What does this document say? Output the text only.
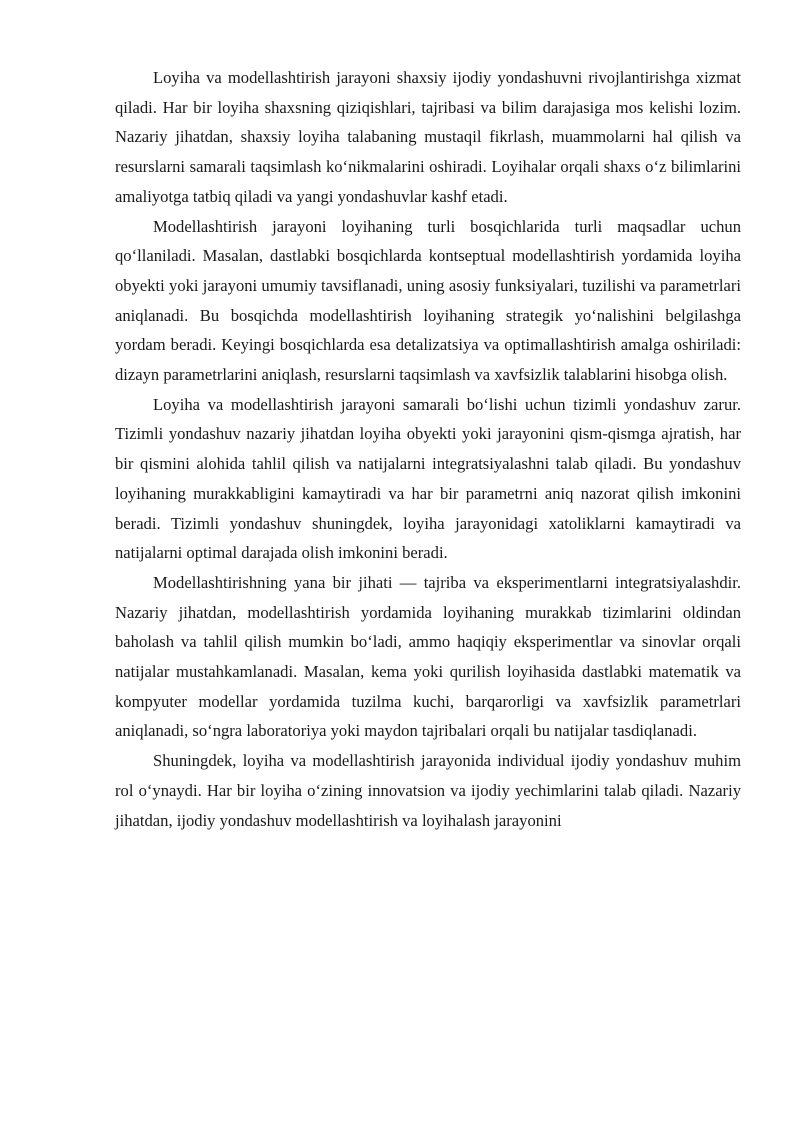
Loyiha va modellashtirish jarayoni shaxsiy ijodiy yondashuvni rivojlantirishga xizmat qiladi. Har bir loyiha shaxsning qiziqishlari, tajribasi va bilim darajasiga mos kelishi lozim. Nazariy jihatdan, shaxsiy loyiha talabaning mustaqil fikrlash, muammolarni hal qilish va resurslarni samarali taqsimlash koʻnikmalarini oshiradi. Loyihalar orqali shaxs oʻz bilimlarini amaliyotga tatbiq qiladi va yangi yondashuvlar kashf etadi.

Modellashtirish jarayoni loyihaning turli bosqichlarida turli maqsadlar uchun qoʻllaniladi. Masalan, dastlabki bosqichlarda kontseptual modellashtirish yordamida loyiha obyekti yoki jarayoni umumiy tavsiflanadi, uning asosiy funksiyalari, tuzilishi va parametrlari aniqlanadi. Bu bosqichda modellashtirish loyihaning strategik yoʻnalishini belgilashga yordam beradi. Keyingi bosqichlarda esa detalizatsiya va optimallashtirish amalga oshiriladi: dizayn parametrlarini aniqlash, resurslarni taqsimlash va xavfsizlik talablarini hisobga olish.

Loyiha va modellashtirish jarayoni samarali boʻlishi uchun tizimli yondashuv zarur. Tizimli yondashuv nazariy jihatdan loyiha obyekti yoki jarayonini qism-qismga ajratish, har bir qismini alohida tahlil qilish va natijalarni integratsiyalashni talab qiladi. Bu yondashuv loyihaning murakkabligini kamaytiradi va har bir parametrni aniq nazorat qilish imkonini beradi. Tizimli yondashuv shuningdek, loyiha jarayonidagi xatoliklarni kamaytiradi va natijalarni optimal darajada olish imkonini beradi.

Modellashtirishning yana bir jihati — tajriba va eksperimentlarni integratsiyalashdir. Nazariy jihatdan, modellashtirish yordamida loyihaning murakkab tizimlarini oldindan baholash va tahlil qilish mumkin boʻladi, ammo haqiqiy eksperimentlar va sinovlar orqali natijalar mustahkamlanadi. Masalan, kema yoki qurilish loyihasida dastlabki matematik va kompyuter modellar yordamida tuzilma kuchi, barqarorligi va xavfsizlik parametrlari aniqlanadi, soʻngra laboratoriya yoki maydon tajribalari orqali bu natijalar tasdiqlanadi.

Shuningdek, loyiha va modellashtirish jarayonida individual ijodiy yondashuv muhim rol oʻynaydi. Har bir loyiha oʻzining innovatsion va ijodiy yechimlarini talab qiladi. Nazariy jihatdan, ijodiy yondashuv modellashtirish va loyihalash jarayonini
